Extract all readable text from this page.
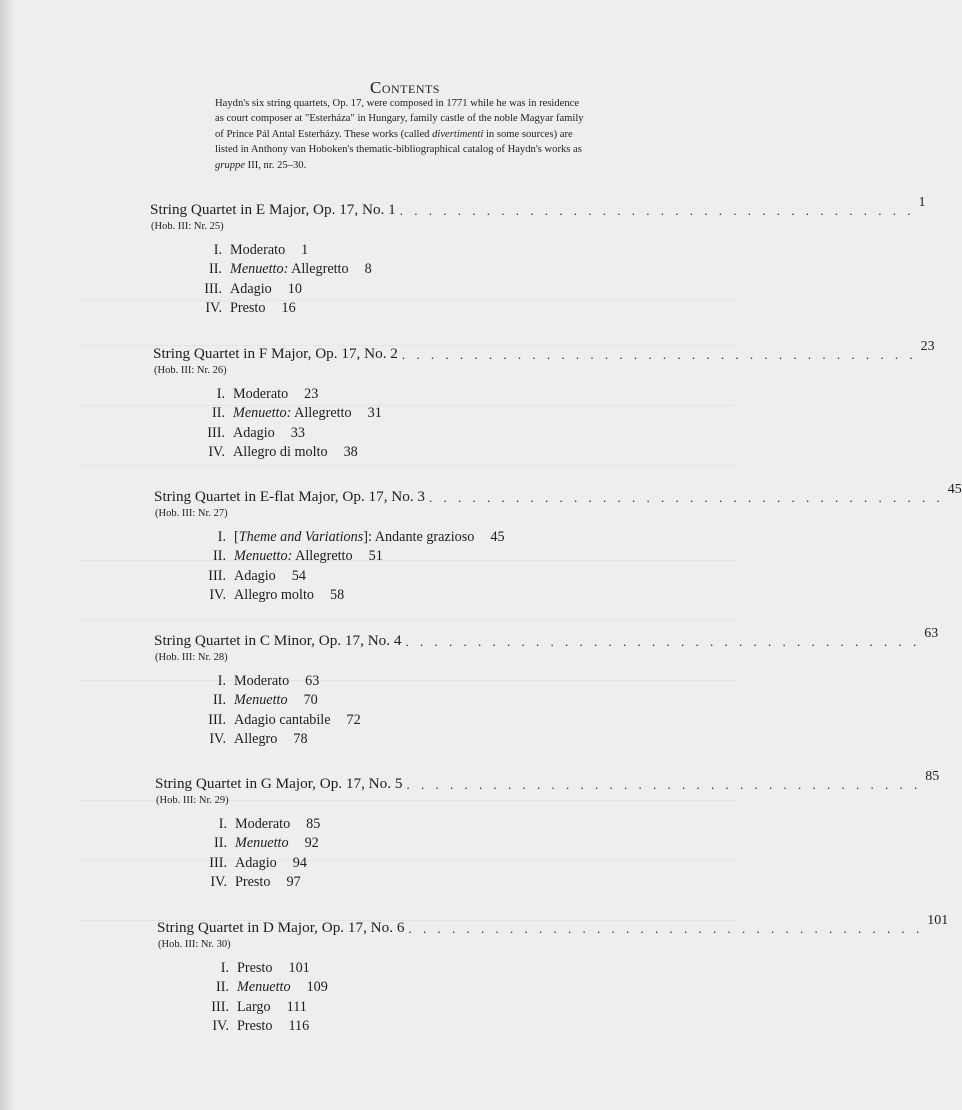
Contents
Haydn's six string quartets, Op. 17, were composed in 1771 while he was in residence as court composer at "Esterháza" in Hungary, family castle of the noble Magyar family of Prince Pál Antal Esterházy. These works (called divertimenti in some sources) are listed in Anthony van Hoboken's thematic-bibliographical catalog of Haydn's works as gruppe III, nr. 25–30.
String Quartet in E Major, Op. 17, No. 1 . . . . . . . . . . . . . . . . . . . . . . . . . . . . . . . . . . . .
1
(Hob. III: Nr. 25)
I. Moderato 1
II. Menuetto: Allegretto 8
III. Adagio 10
IV. Presto 16
String Quartet in F Major, Op. 17, No. 2 . . . . . . . . . . . . . . . . . . . . . . . . . . . . . . . . . . . .
23
(Hob. III: Nr. 26)
I. Moderato 23
II. Menuetto: Allegretto 31
III. Adagio 33
IV. Allegro di molto 38
String Quartet in E-flat Major, Op. 17, No. 3 . . . . . . . . . . . . . . . . . . . . . . . . . . . . . . . . . . . .
45
(Hob. III: Nr. 27)
I. [Theme and Variations]: Andante grazioso 45
II. Menuetto: Allegretto 51
III. Adagio 54
IV. Allegro molto 58
String Quartet in C Minor, Op. 17, No. 4 . . . . . . . . . . . . . . . . . . . . . . . . . . . . . . . . . . . .
63
(Hob. III: Nr. 28)
I. Moderato 63
II. Menuetto 70
III. Adagio cantabile 72
IV. Allegro 78
String Quartet in G Major, Op. 17, No. 5 . . . . . . . . . . . . . . . . . . . . . . . . . . . . . . . . . . . .
85
(Hob. III: Nr. 29)
I. Moderato 85
II. Menuetto 92
III. Adagio 94
IV. Presto 97
String Quartet in D Major, Op. 17, No. 6 . . . . . . . . . . . . . . . . . . . . . . . . . . . . . . . . . . . .
101
(Hob. III: Nr. 30)
I. Presto 101
II. Menuetto 109
III. Largo 111
IV. Presto 116
